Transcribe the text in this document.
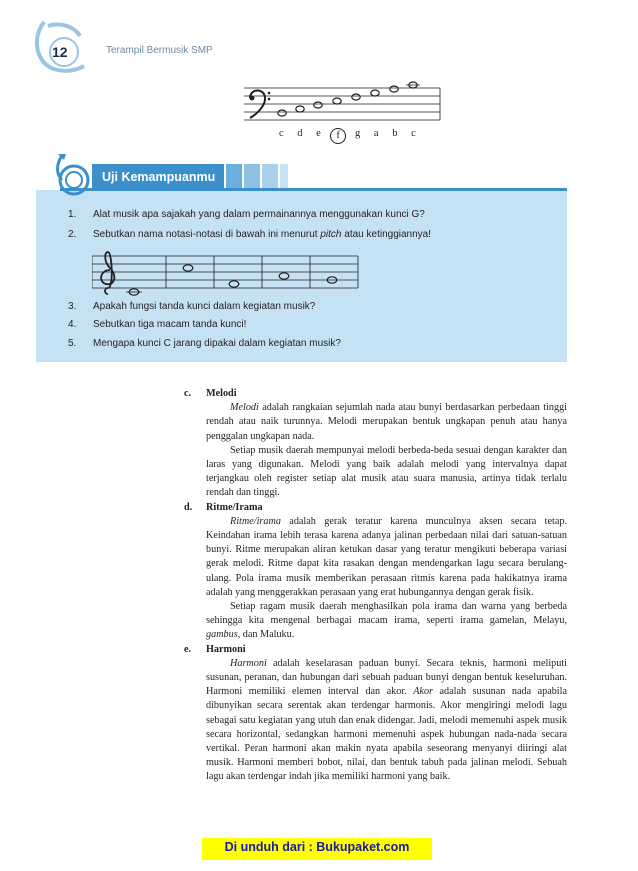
12	Terampil Bermusik SMP
c	d	e	f	g	a	b	c
Uji Kemampuanmu
1. Alat musik apa sajakah yang dalam permainannya menggunakan kunci G?
2. Sebutkan nama notasi-notasi di bawah ini menurut pitch atau ketinggiannya!
3. Apakah fungsi tanda kunci dalam kegiatan musik?
4. Sebutkan tiga macam tanda kunci!
5. Mengapa kunci C jarang dipakai dalam kegiatan musik?
c.	Melodi
Melodi adalah rangkaian sejumlah nada atau bunyi berdasarkan perbedaan tinggi rendah atau naik turunnya. Melodi merupakan bentuk ungkapan penuh atau hanya penggalan ungkapan nada.
Setiap musik daerah mempunyai melodi berbeda-beda sesuai dengan karakter dan laras yang digunakan. Melodi yang baik adalah melodi yang intervalnya dapat terjangkau oleh register setiap alat musik atau suara manusia, artinya tidak terlalu rendah dan tinggi.
d.	Ritme/Irama
Ritme/irama adalah gerak teratur karena munculnya aksen secara tetap. Keindahan irama lebih terasa karena adanya jalinan perbedaan nilai dari satuan-satuan bunyi. Ritme merupakan aliran ketukan dasar yang teratur mengikuti beberapa variasi gerak melodi. Ritme dapat kita rasakan dengan mendengarkan lagu secara berulang-ulang. Pola irama musik memberikan perasaan ritmis karena pada hakikatnya irama adalah yang menggerakkan perasaan yang erat hubungannya dengan gerak fisik.
Setiap ragam musik daerah menghasilkan pola irama dan warna yang berbeda sehingga kita mengenal berbagai macam irama, seperti irama gamelan, Melayu, gambus, dan Maluku.
e.	Harmoni
Harmoni adalah keselarasan paduan bunyi. Secara teknis, harmoni meliputi susunan, peranan, dan hubungan dari sebuah paduan bunyi dengan bentuk keseluruhan. Harmoni memiliki elemen interval dan akor. Akor adalah susunan nada apabila dibunyikan secara serentak akan terdengar harmonis. Akor mengiringi melodi lagu sebagai satu kegiatan yang utuh dan enak didengar. Jadi, melodi memenuhi aspek musik secara horizontal, sedangkan harmoni memenuhi aspek hubungan nada-nada secara vertikal. Peran harmoni akan makin nyata apabila seseorang menyanyi diiringi alat musik. Harmoni memberi bobot, nilai, dan bentuk tabuh pada jalinan melodi. Sebuah lagu akan terdengar indah jika memiliki harmoni yang baik.
Di unduh dari : Bukupaket.com
